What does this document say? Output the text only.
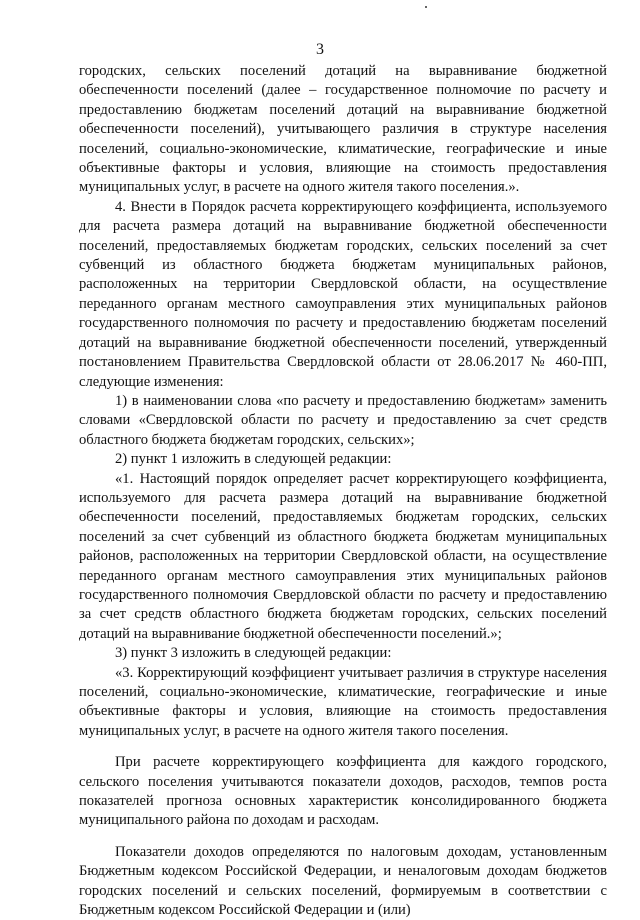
3

городских, сельских поселений дотаций на выравнивание бюджетной обеспеченности поселений (далее – государственное полномочие по расчету и предоставлению бюджетам поселений дотаций на выравнивание бюджетной обеспеченности поселений), учитывающего различия в структуре населения поселений, социально-экономические, климатические, географические и иные объективные факторы и условия, влияющие на стоимость предоставления муниципальных услуг, в расчете на одного жителя такого поселения.».

4. Внести в Порядок расчета корректирующего коэффициента, используемого для расчета размера дотаций на выравнивание бюджетной обеспеченности поселений, предоставляемых бюджетам городских, сельских поселений за счет субвенций из областного бюджета бюджетам муниципальных районов, расположенных на территории Свердловской области, на осуществление переданного органам местного самоуправления этих муниципальных районов государственного полномочия по расчету и предоставлению бюджетам поселений дотаций на выравнивание бюджетной обеспеченности поселений, утвержденный постановлением Правительства Свердловской области от 28.06.2017 № 460-ПП, следующие изменения:

1) в наименовании слова «по расчету и предоставлению бюджетам» заменить словами «Свердловской области по расчету и предоставлению за счет средств областного бюджета бюджетам городских, сельских»;

2) пункт 1 изложить в следующей редакции:

«1. Настоящий порядок определяет расчет корректирующего коэффициента, используемого для расчета размера дотаций на выравнивание бюджетной обеспеченности поселений, предоставляемых бюджетам городских, сельских поселений за счет субвенций из областного бюджета бюджетам муниципальных районов, расположенных на территории Свердловской области, на осуществление переданного органам местного самоуправления этих муниципальных районов государственного полномочия Свердловской области по расчету и предоставлению за счет средств областного бюджета бюджетам городских, сельских поселений дотаций на выравнивание бюджетной обеспеченности поселений.»;

3) пункт 3 изложить в следующей редакции:

«3. Корректирующий коэффициент учитывает различия в структуре населения поселений, социально-экономические, климатические, географические и иные объективные факторы и условия, влияющие на стоимость предоставления муниципальных услуг, в расчете на одного жителя такого поселения.

При расчете корректирующего коэффициента для каждого городского, сельского поселения учитываются показатели доходов, расходов, темпов роста показателей прогноза основных характеристик консолидированного бюджета муниципального района по доходам и расходам.

Показатели доходов определяются по налоговым доходам, установленным Бюджетным кодексом Российской Федерации, и неналоговым доходам бюджетов городских поселений и сельских поселений, формируемым в соответствии с Бюджетным кодексом Российской Федерации и (или)
